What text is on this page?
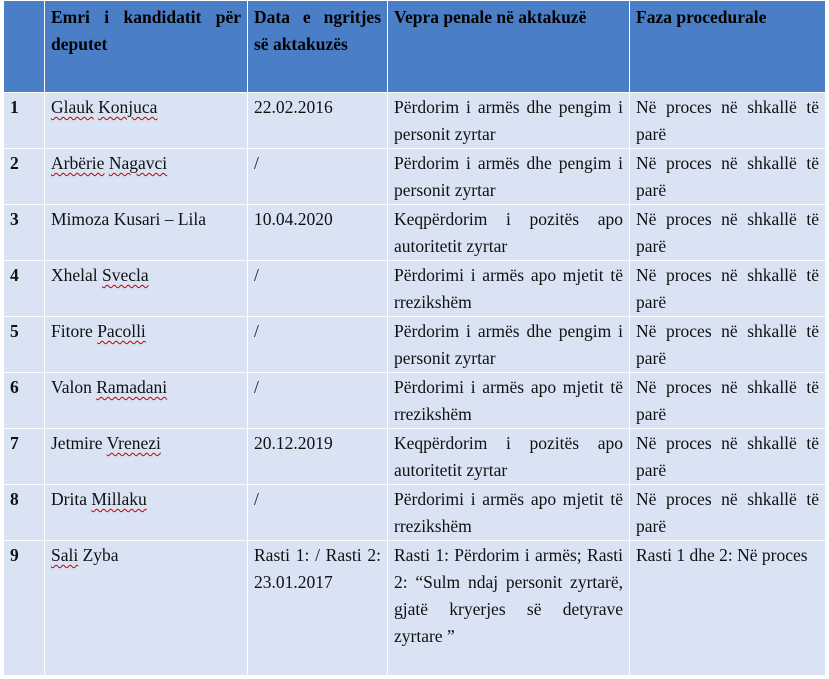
	Emri i kandidatit për deputet	Data e ngritjes së aktakuzës	Vepra penale në aktakuzë	Faza procedurale
1	Glauk Konjuca	22.02.2016	Përdorim i armës dhe pengim i personit zyrtar	Në proces në shkallë të parë
2	Arbërie Nagavci	/	Përdorim i armës dhe pengim i personit zyrtar	Në proces në shkallë të parë
3	Mimoza Kusari – Lila	10.04.2020	Keqpërdorim i pozitës apo autoritetit zyrtar	Në proces në shkallë të parë
4	Xhelal Svecla	/	Përdorimi i armës apo mjetit të rrezikshëm	Në proces në shkallë të parë
5	Fitore Pacolli	/	Përdorim i armës dhe pengim i personit zyrtar	Në proces në shkallë të parë
6	Valon Ramadani	/	Përdorimi i armës apo mjetit të rrezikshëm	Në proces në shkallë të parë
7	Jetmire Vrenezi	20.12.2019	Keqpërdorim i pozitës apo autoritetit zyrtar	Në proces në shkallë të parë
8	Drita Millaku	/	Përdorimi i armës apo mjetit të rrezikshëm	Në proces në shkallë të parë
9	Sali Zyba	Rasti 1: / Rasti 2: 23.01.2017	Rasti 1: Përdorim i armës; Rasti 2: “Sulm ndaj personit zyrtarë, gjatë kryerjes së detyrave zyrtare ”	Rasti 1 dhe 2: Në proces
